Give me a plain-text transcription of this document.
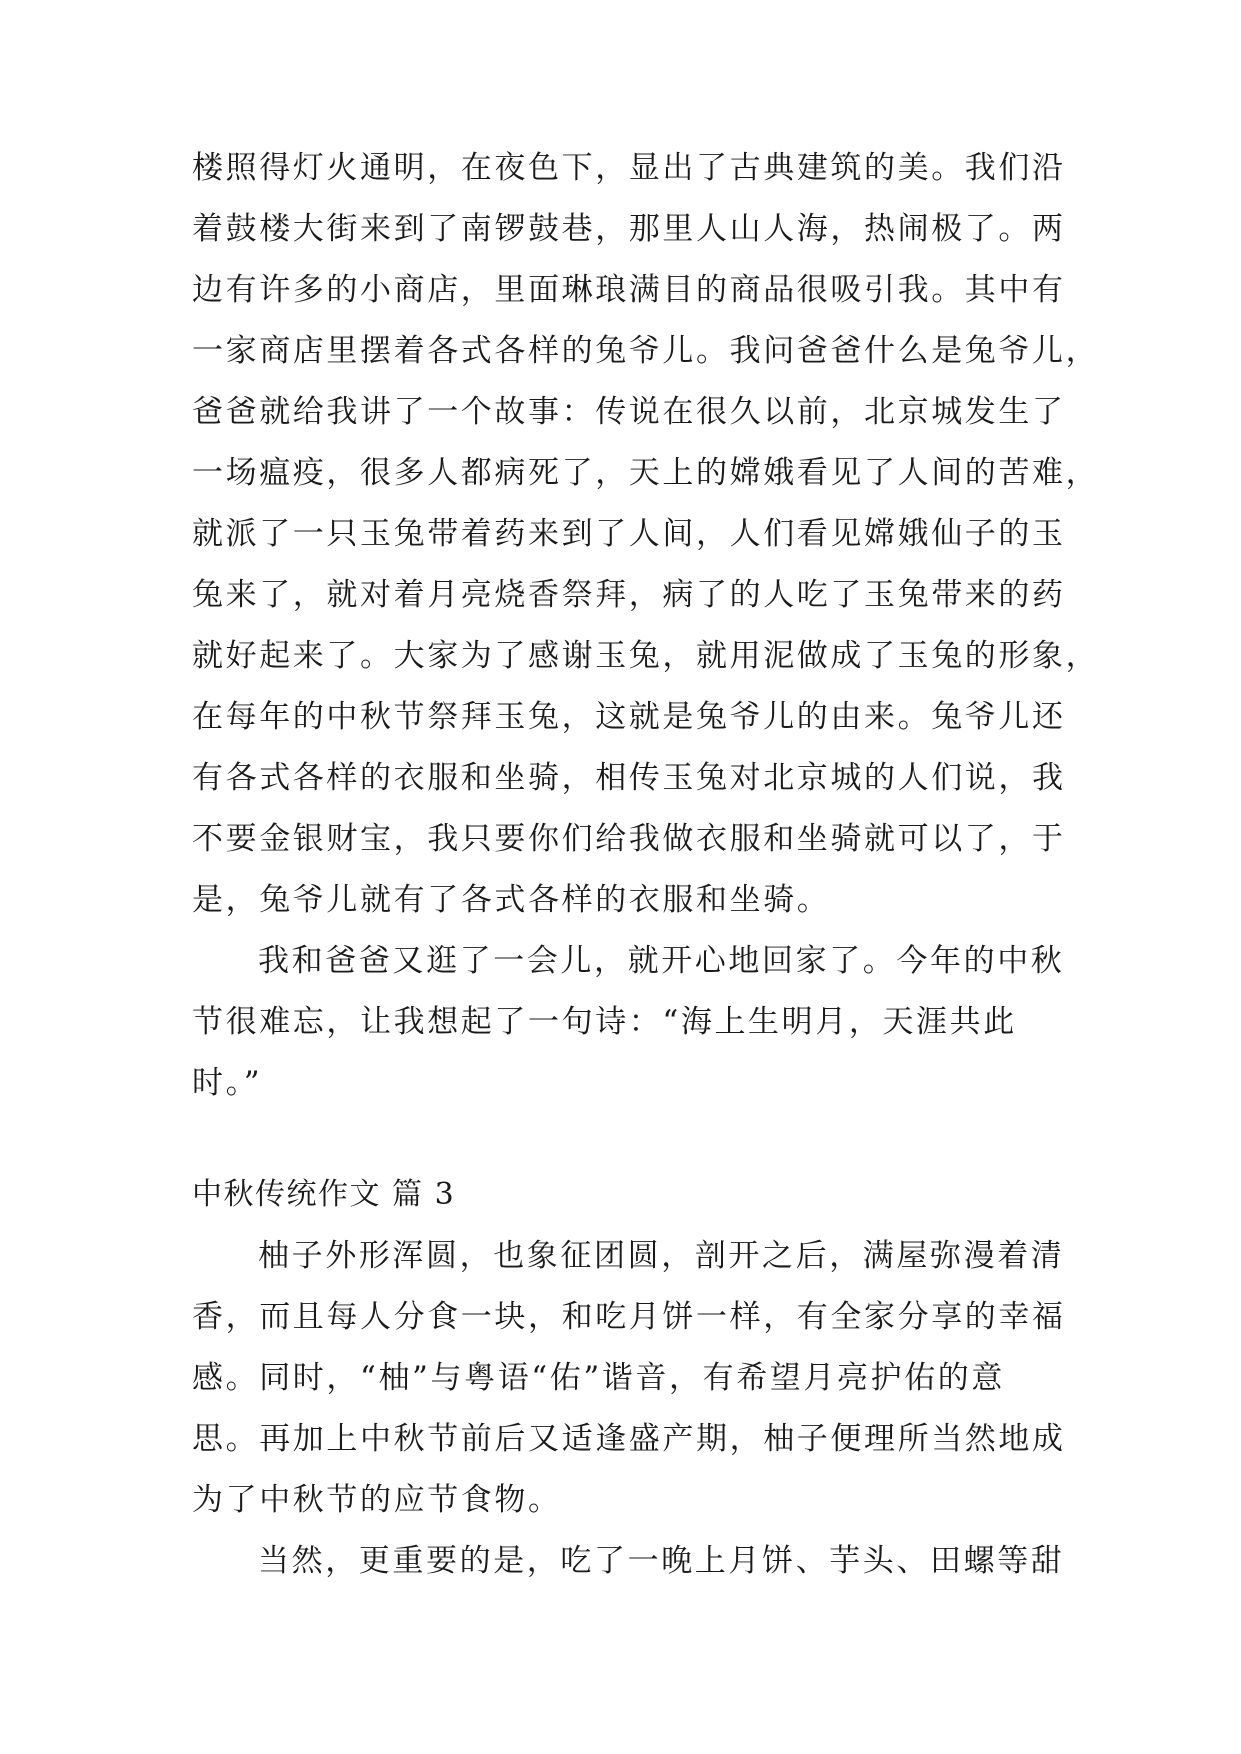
楼照得灯火通明，在夜色下，显出了古典建筑的美。我们沿
着鼓楼大街来到了南锣鼓巷，那里人山人海，热闹极了。两
边有许多的小商店，里面琳琅满目的商品很吸引我。其中有
一家商店里摆着各式各样的兔爷儿。我问爸爸什么是兔爷儿，
爸爸就给我讲了一个故事：传说在很久以前，北京城发生了
一场瘟疫，很多人都病死了，天上的嫦娥看见了人间的苦难，
就派了一只玉兔带着药来到了人间，人们看见嫦娥仙子的玉
兔来了，就对着月亮烧香祭拜，病了的人吃了玉兔带来的药
就好起来了。大家为了感谢玉兔，就用泥做成了玉兔的形象，
在每年的中秋节祭拜玉兔，这就是兔爷儿的由来。兔爷儿还
有各式各样的衣服和坐骑，相传玉兔对北京城的人们说，我
不要金银财宝，我只要你们给我做衣服和坐骑就可以了，于
是，兔爷儿就有了各式各样的衣服和坐骑。
我和爸爸又逛了一会儿，就开心地回家了。今年的中秋
节很难忘，让我想起了一句诗：“海上生明月，天涯共此
时。”
中秋传统作文 篇 3
柚子外形浑圆，也象征团圆，剖开之后，满屋弥漫着清
香，而且每人分食一块，和吃月饼一样，有全家分享的幸福
感。同时，“柚”与粤语“佑”谐音，有希望月亮护佑的意
思。再加上中秋节前后又适逢盛产期，柚子便理所当然地成
为了中秋节的应节食物。
当然，更重要的是，吃了一晚上月饼、芋头、田螺等甜
